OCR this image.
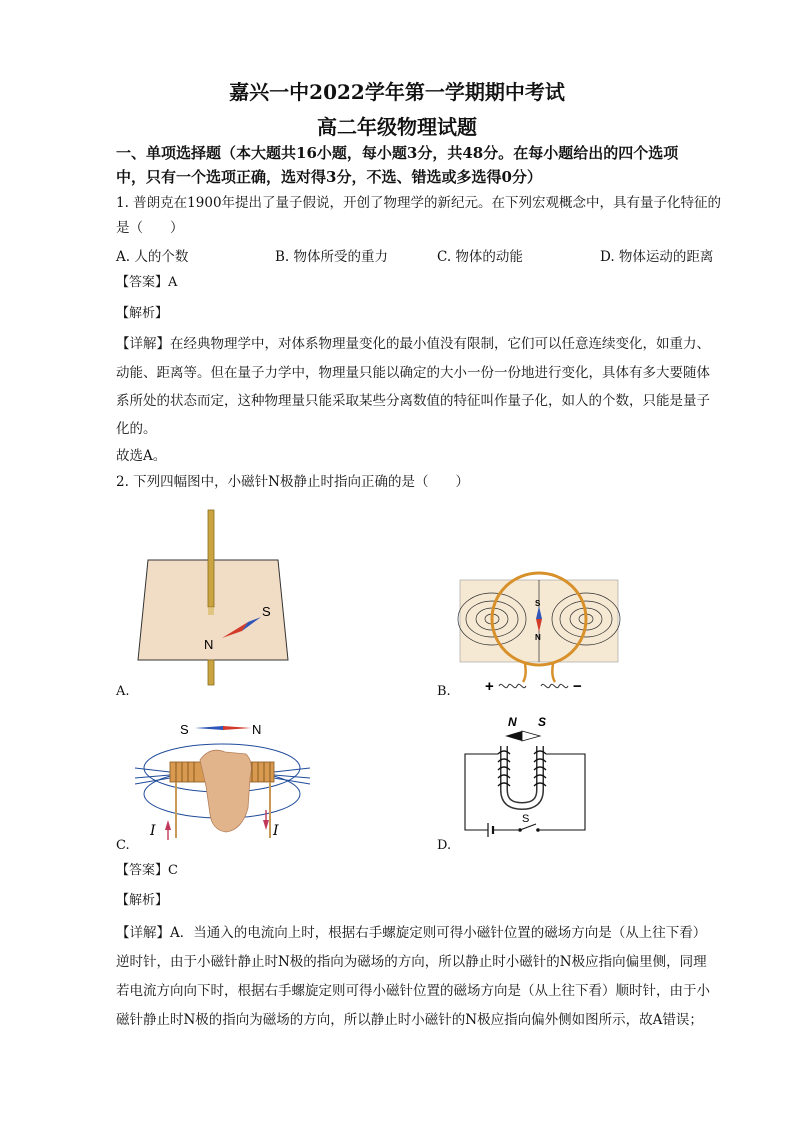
嘉兴一中2022学年第一学期期中考试
高二年级物理试题
一、单项选择题（本大题共16小题，每小题3分，共48分。在每小题给出的四个选项
中，只有一个选项正确，选对得3分，不选、错选或多选得0分）
1. 普朗克在1900年提出了量子假说，开创了物理学的新纪元。在下列宏观概念中，具有量子化特征的
是（　　）
A. 人的个数	B. 物体所受的重力	C. 物体的动能	D. 物体运动的距离
【答案】A
【解析】
【详解】在经典物理学中，对体系物理量变化的最小值没有限制，它们可以任意连续变化，如重力、
动能、距离等。但在量子力学中，物理量只能以确定的大小一份一份地进行变化，具体有多大要随体
系所处的状态而定，这种物理量只能采取某些分离数值的特征叫作量子化，如人的个数，只能是量子
化的。
故选A。
2. 下列四幅图中，小磁针N极静止时指向正确的是（　　）
S
N
A.
S
N
+	−
B.
S	N
I	I
C.
N S
S
D.
【答案】C
【解析】
【详解】A．当通入的电流向上时，根据右手螺旋定则可得小磁针位置的磁场方向是（从上往下看）
逆时针，由于小磁针静止时N极的指向为磁场的方向，所以静止时小磁针的N极应指向偏里侧，同理
若电流方向向下时，根据右手螺旋定则可得小磁针位置的磁场方向是（从上往下看）顺时针，由于小
磁针静止时N极的指向为磁场的方向，所以静止时小磁针的N极应指向偏外侧如图所示，故A错误；
